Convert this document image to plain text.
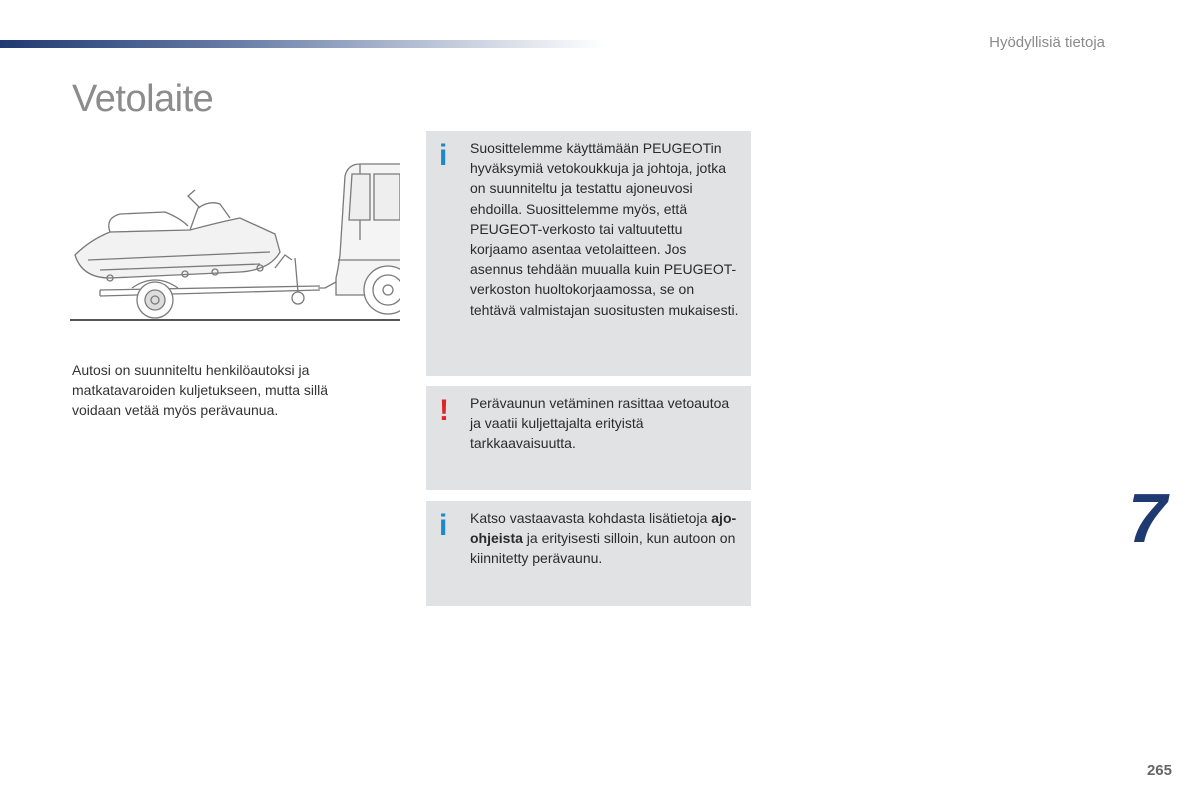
Hyödyllisiä tietoja
Vetolaite
Autosi on suunniteltu henkilöautoksi ja matkatavaroiden kuljetukseen, mutta sillä voidaan vetää myös perävaunua.
i Suosittelemme käyttämään PEUGEOTin hyväksymiä vetokoukkuja ja johtoja, jotka on suunniteltu ja testattu ajoneuvosi ehdoilla. Suosittelemme myös, että PEUGEOT-verkosto tai valtuutettu korjaamo asentaa vetolaitteen. Jos asennus tehdään muualla kuin PEUGEOT-verkoston huoltokorjaamossa, se on tehtävä valmistajan suositusten mukaisesti.
! Perävaunun vetäminen rasittaa vetoautoa ja vaatii kuljettajalta erityistä tarkkaavaisuutta.
i Katso vastaavasta kohdasta lisätietoja ajo-ohjeista ja erityisesti silloin, kun autoon on kiinnitetty perävaunu.
7
265
